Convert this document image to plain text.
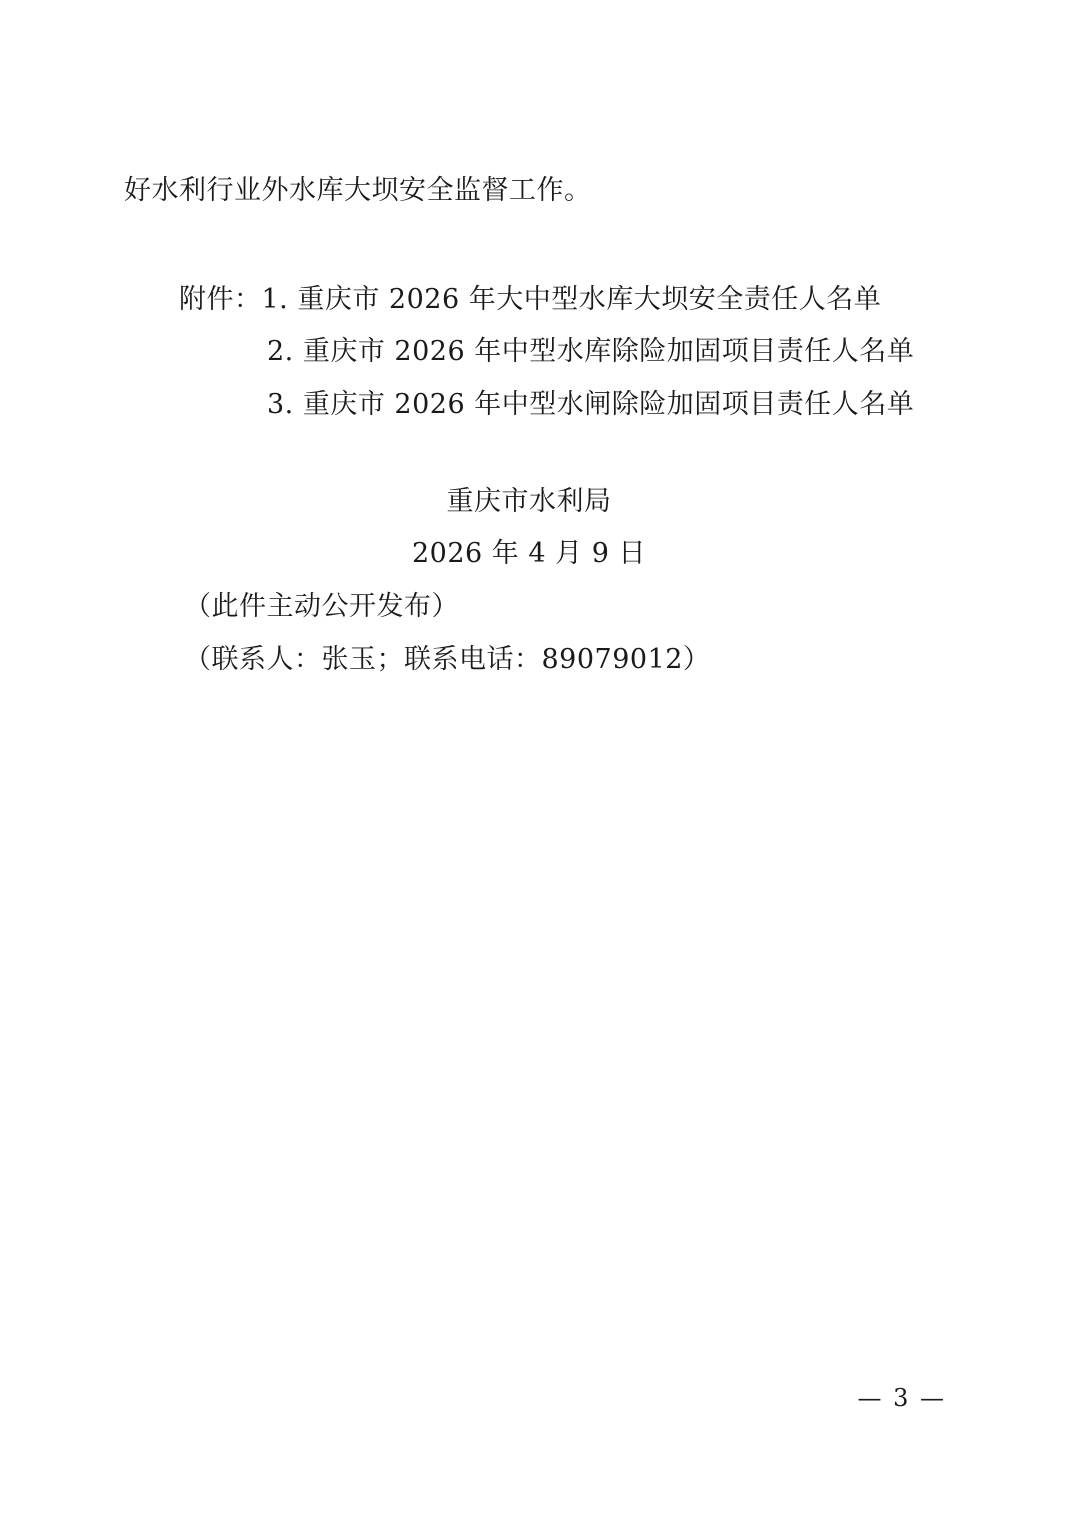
好水利行业外水库大坝安全监督工作。
附件：1. 重庆市 2026 年大中型水库大坝安全责任人名单
2. 重庆市 2026 年中型水库除险加固项目责任人名单
3. 重庆市 2026 年中型水闸除险加固项目责任人名单
重庆市水利局
2026 年 4 月 9 日
（此件主动公开发布）
（联系人：张玉；联系电话：89079012）
— 3 —
